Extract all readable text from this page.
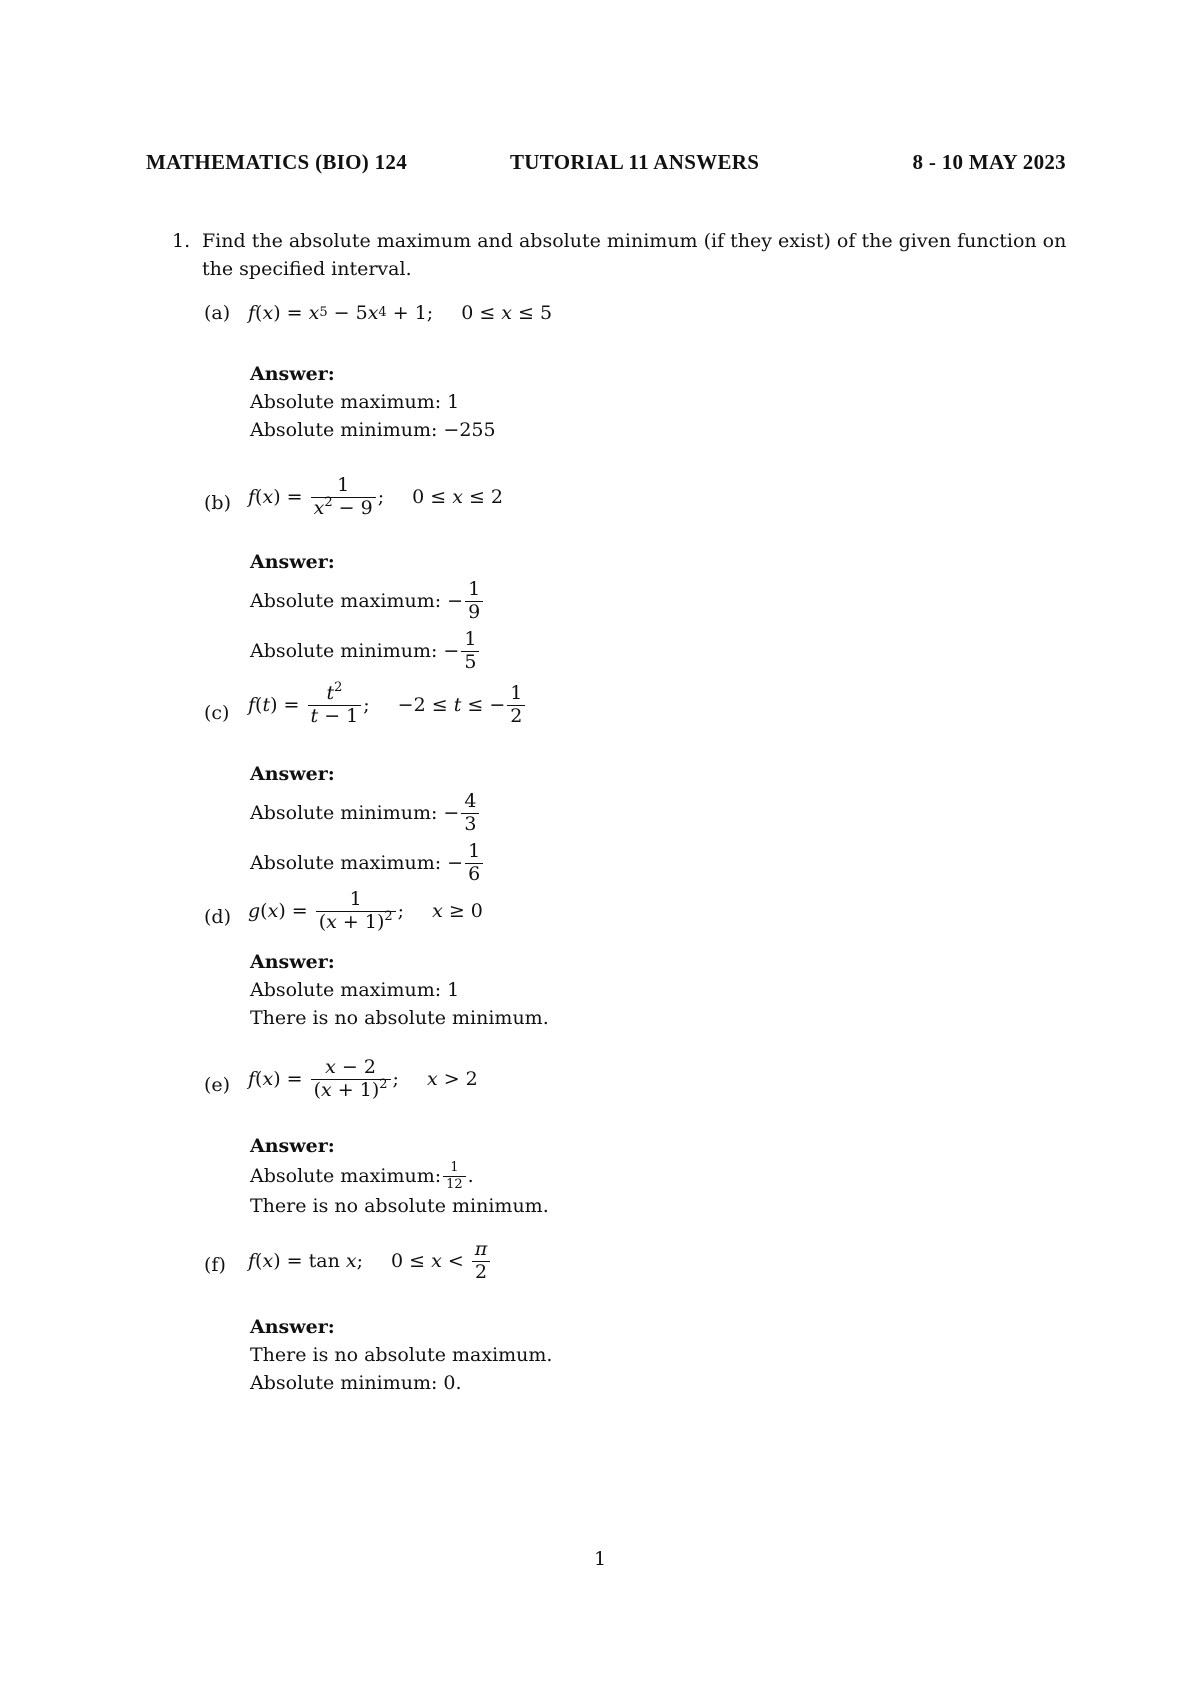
MATHEMATICS (BIO) 124	TUTORIAL 11 ANSWERS	8 - 10 MAY 2023
1. Find the absolute maximum and absolute minimum (if they exist) of the given function on the specified interval.
(a) f ( x ) = x 5 − 5 x 4 + 1; 0 ≤ x ≤ 5
Answer:
Absolute maximum: 1
Absolute minimum: −255
(b) f ( x ) = $\frac{1}{x^2 - 9}$ ; 0 ≤ x ≤ 2
Answer:
Absolute maximum: − $\frac{1}{9}$
Absolute minimum: − $\frac{1}{5}$
(c) f ( t ) = $\frac{t^2}{t - 1}$ ; −2 ≤ t ≤ − $\frac{1}{2}$
Answer:
Absolute minimum: − $\frac{4}{3}$
Absolute maximum: − $\frac{1}{6}$
(d) g ( x ) = $\frac{1}{(x + 1)^2}$ ; x ≥ 0
Answer:
Absolute maximum: 1
There is no absolute minimum.
(e) f ( x ) = $\frac{x - 2}{(x + 1)^2}$ ; x > 2
Answer:
Absolute maximum: $\frac{1}{12}$ .
There is no absolute minimum.
(f) f ( x ) = tan
x ; $0 \le x < \frac{\pi}{2}$
Answer:
There is no absolute maximum.
Absolute minimum: 0.
1
